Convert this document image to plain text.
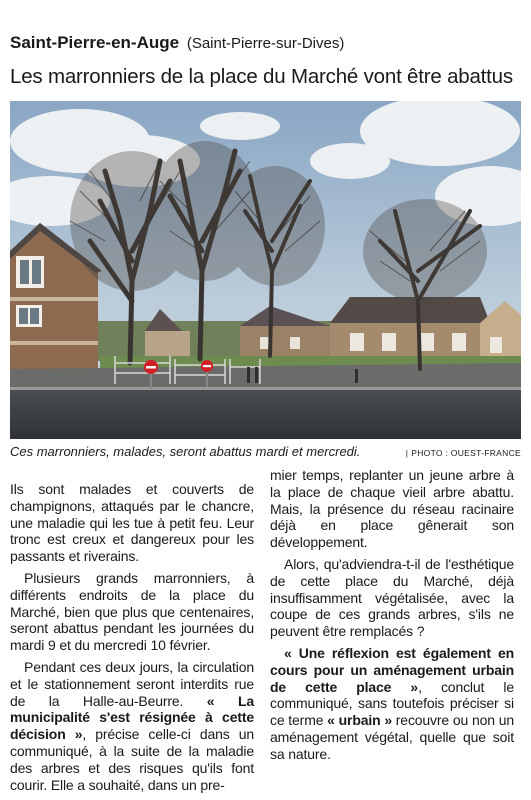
Saint-Pierre-en-Auge (Saint-Pierre-sur-Dives)
Les marronniers de la place du Marché vont être abattus
Ces marronniers, malades, seront abattus mardi et mercredi.	| PHOTO : OUEST-FRANCE

Ils sont malades et couverts de champignons, attaqués par le chancre, une maladie qui les tue à petit feu. Leur tronc est creux et dangereux pour les passants et riverains.

Plusieurs grands marronniers, à différents endroits de la place du Marché, bien que plus que centenaires, seront abattus pendant les journées du mardi 9 et du mercredi 10 février.

Pendant ces deux jours, la circulation et le stationnement seront interdits rue de la Halle-au-Beurre. « La municipalité s'est résignée à cette décision », précise celle-ci dans un communiqué, à la suite de la maladie des arbres et des risques qu'ils font courir. Elle a souhaité, dans un pre-

mier temps, replanter un jeune arbre à la place de chaque vieil arbre abattu. Mais, la présence du réseau racinaire déjà en place gênerait son développement.

Alors, qu'adviendra-t-il de l'esthétique de cette place du Marché, déjà insuffisamment végétalisée, avec la coupe de ces grands arbres, s'ils ne peuvent être remplacés ?

« Une réflexion est également en cours pour un aménagement urbain de cette place », conclut le communiqué, sans toutefois préciser si ce terme « urbain » recouvre ou non un aménagement végétal, quelle que soit sa nature.
